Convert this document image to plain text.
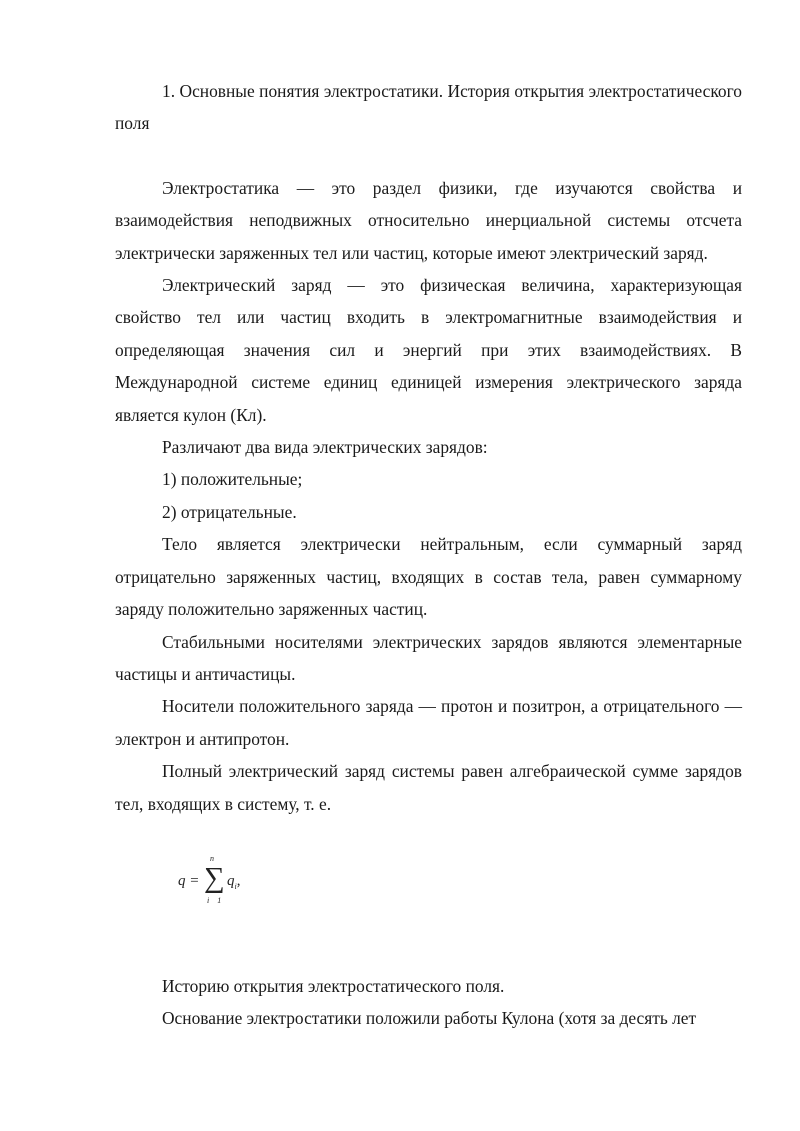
1. Основные понятия электростатики. История открытия электростатического поля

Электростатика — это раздел физики, где изучаются свойства и взаимодействия неподвижных относительно инерциальной системы отсчета электрически заряженных тел или частиц, которые имеют электрический заряд.

Электрический заряд — это физическая величина, характеризующая свойство тел или частиц входить в электромагнитные взаимодействия и определяющая значения сил и энергий при этих взаимодействиях. В Международной системе единиц единицей измерения электрического заряда является кулон (Кл).

Различают два вида электрических зарядов:

1) положительные;

2) отрицательные.

Тело является электрически нейтральным, если суммарный заряд отрицательно заряженных частиц, входящих в состав тела, равен суммарному заряду положительно заряженных частиц.

Стабильными носителями электрических зарядов являются элементарные частицы и античастицы.

Носители положительного заряда — протон и позитрон, а отрицательного — электрон и антипротон.

Полный электрический заряд системы равен алгебраической сумме зарядов тел, входящих в систему, т. е.

q =
n
∑
i 1
$q_i$,

Историю открытия электростатического поля.

Основание электростатики положили работы Кулона (хотя за десять лет
